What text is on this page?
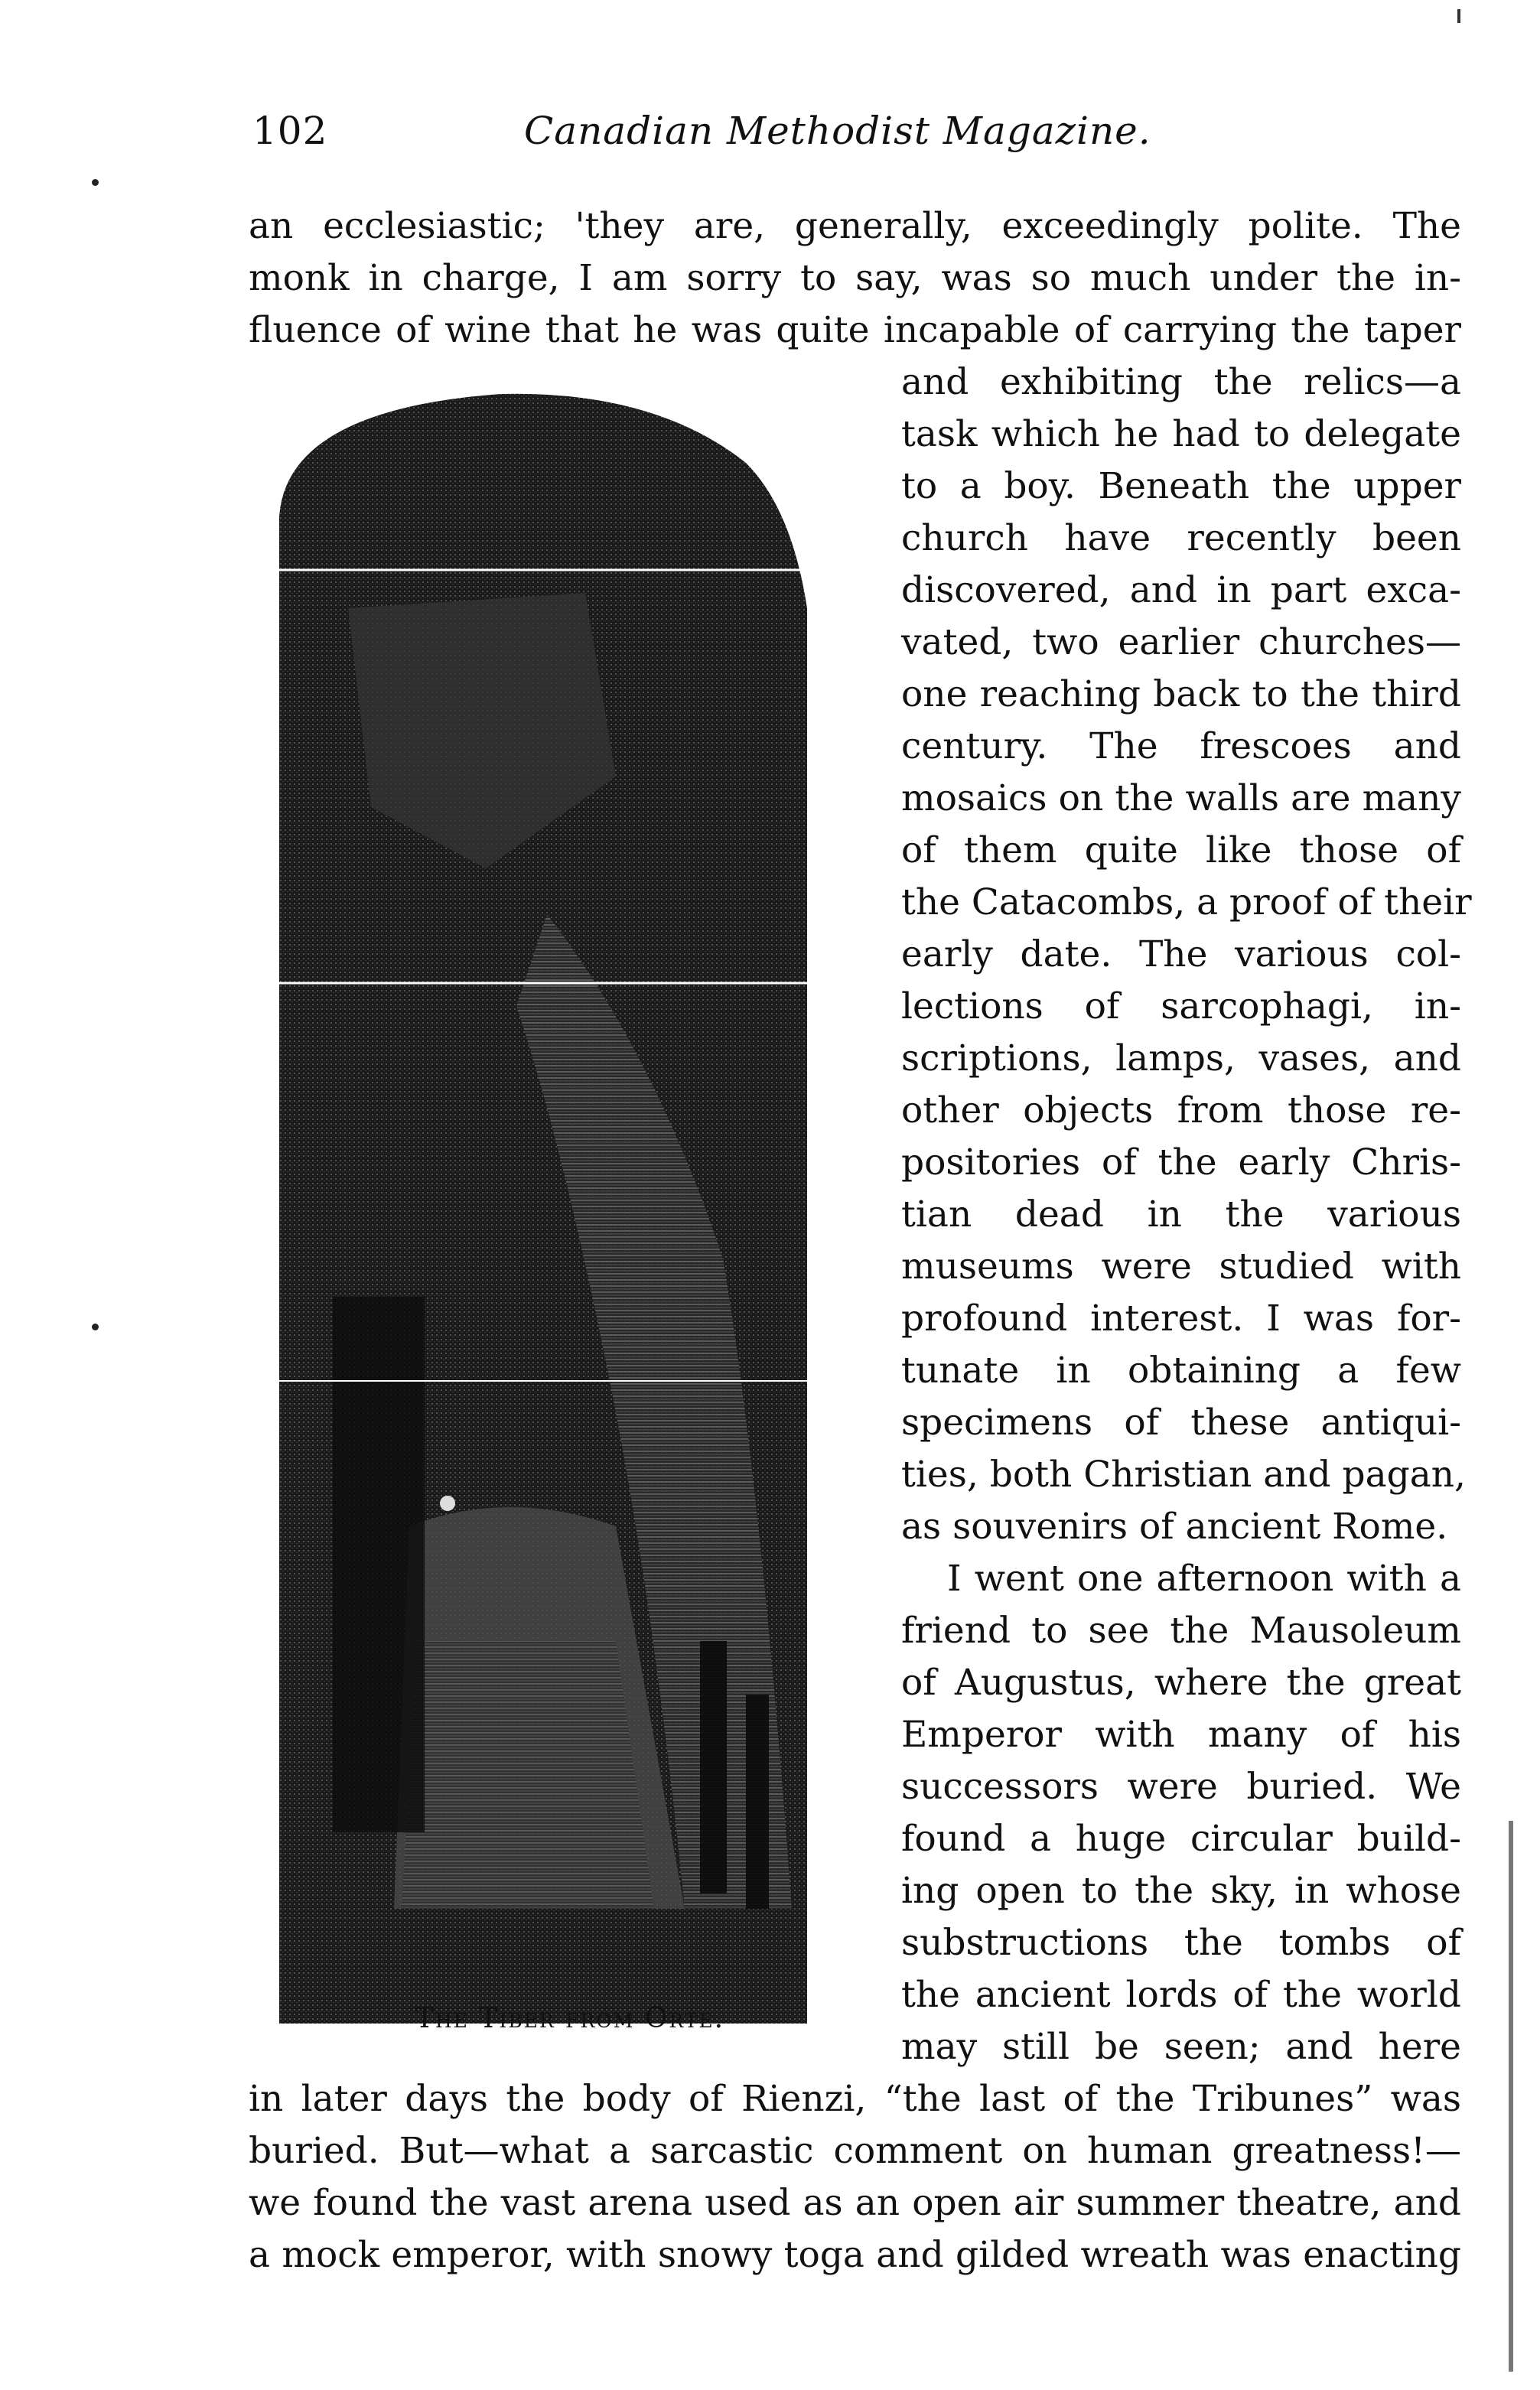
102	Canadian Methodist Magazine.
an ecclesiastic; 'they are, generally, exceedingly polite. The
monk in charge, I am sorry to say, was so much under the in-
fluence of wine that he was quite incapable of carrying the taper
The Tiber from Orte.
and exhibiting the relics—a
task which he had to delegate
to a boy. Beneath the upper
church have recently been
discovered, and in part exca-
vated, two earlier churches—
one reaching back to the third
century. The frescoes and
mosaics on the walls are many
of them quite like those of
the Catacombs, a proof of their
early date. The various col-
lections of sarcophagi, in-
scriptions, lamps, vases, and
other objects from those re-
positories of the early Chris-
tian dead in the various
museums were studied with
profound interest. I was for-
tunate in obtaining a few
specimens of these antiqui-
ties, both Christian and pagan,
as souvenirs of ancient Rome.
I went one afternoon with a
friend to see the Mausoleum
of Augustus, where the great
Emperor with many of his
successors were buried. We
found a huge circular build-
ing open to the sky, in whose
substructions the tombs of
the ancient lords of the world
may still be seen; and here
in later days the body of Rienzi, “the last of the Tribunes” was
buried. But—what a sarcastic comment on human greatness!—
we found the vast arena used as an open air summer theatre, and
a mock emperor, with snowy toga and gilded wreath was enacting
